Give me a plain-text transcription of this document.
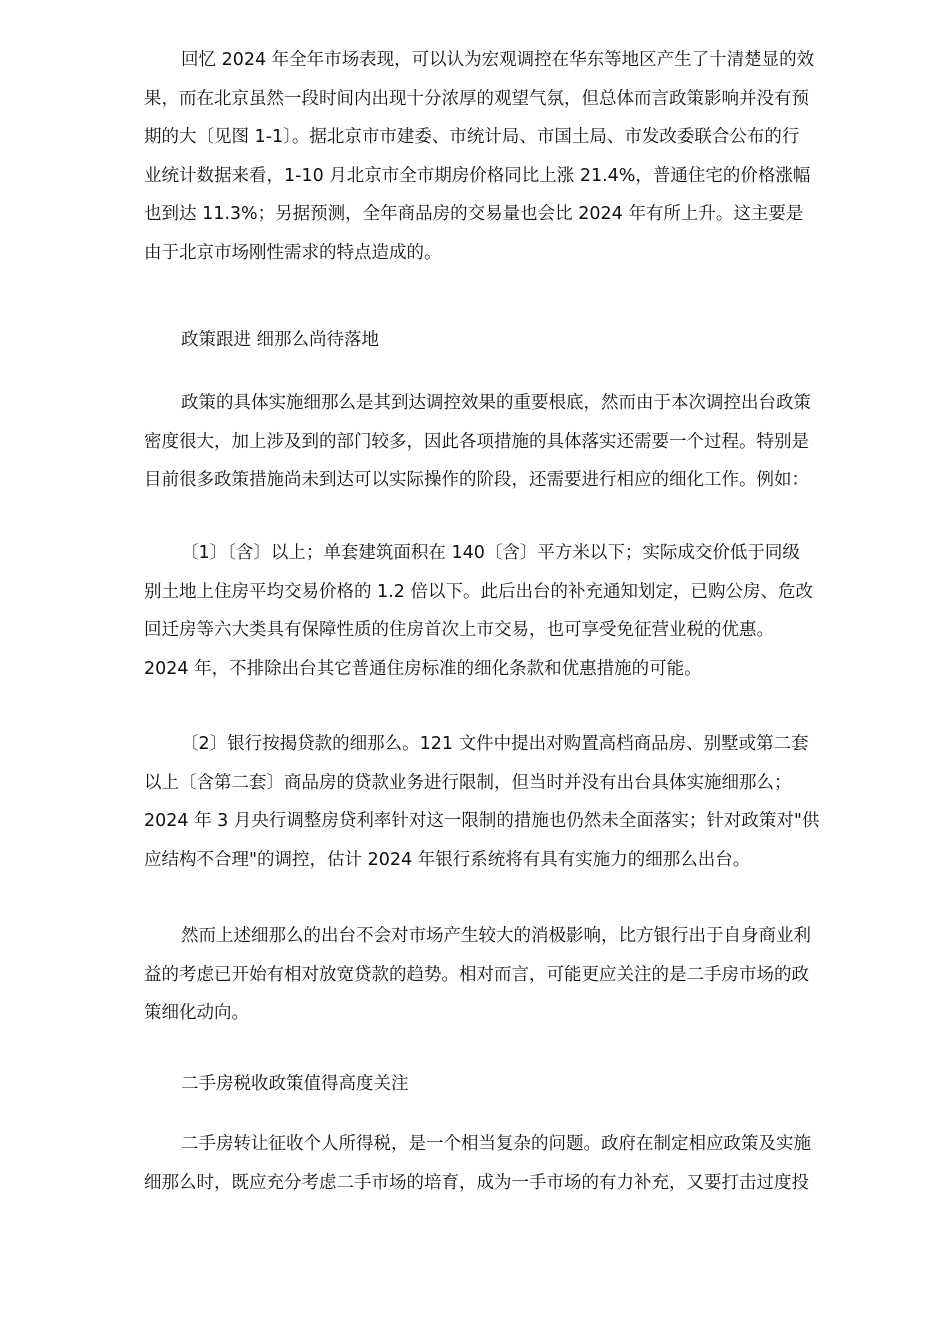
回忆 2024 年全年市场表现，可以认为宏观调控在华东等地区产生了十清楚显的效
果，而在北京虽然一段时间内出现十分浓厚的观望气氛，但总体而言政策影响并没有预
期的大〔见图 1-1〕。据北京市市建委、市统计局、市国土局、市发改委联合公布的行
业统计数据来看，1-10 月北京市全市期房价格同比上涨 21.4%，普通住宅的价格涨幅
也到达 11.3%；另据预测，全年商品房的交易量也会比 2024 年有所上升。这主要是
由于北京市场刚性需求的特点造成的。
政策跟进 细那么尚待落地
政策的具体实施细那么是其到达调控效果的重要根底，然而由于本次调控出台政策
密度很大，加上涉及到的部门较多，因此各项措施的具体落实还需要一个过程。特别是
目前很多政策措施尚未到达可以实际操作的阶段，还需要进行相应的细化工作。例如：
〔1〕〔含〕以上；单套建筑面积在 140〔含〕平方米以下；实际成交价低于同级
别土地上住房平均交易价格的 1.2 倍以下。此后出台的补充通知划定，已购公房、危改
回迁房等六大类具有保障性质的住房首次上市交易，也可享受免征营业税的优惠。
2024 年，不排除出台其它普通住房标准的细化条款和优惠措施的可能。
〔2〕银行按揭贷款的细那么。121 文件中提出对购置高档商品房、别墅或第二套
以上〔含第二套〕商品房的贷款业务进行限制，但当时并没有出台具体实施细那么；
2024 年 3 月央行调整房贷利率针对这一限制的措施也仍然未全面落实；针对政策对"供
应结构不合理"的调控，估计 2024 年银行系统将有具有实施力的细那么出台。
然而上述细那么的出台不会对市场产生较大的消极影响，比方银行出于自身商业利
益的考虑已开始有相对放宽贷款的趋势。相对而言，可能更应关注的是二手房市场的政
策细化动向。
二手房税收政策值得高度关注
二手房转让征收个人所得税，是一个相当复杂的问题。政府在制定相应政策及实施
细那么时，既应充分考虑二手市场的培育，成为一手市场的有力补充，又要打击过度投
